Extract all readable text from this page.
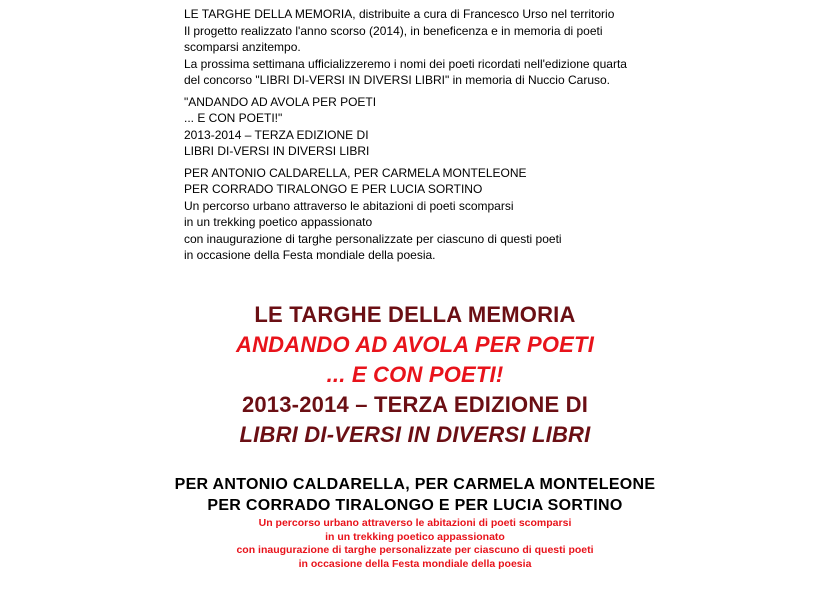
LE TARGHE DELLA MEMORIA, distribuite a cura di Francesco Urso nel territorio
Il progetto realizzato l'anno scorso (2014), in beneficenza e in memoria di poeti
scomparsi anzitempo.
La prossima settimana ufficializzeremo i nomi dei poeti ricordati nell'edizione quarta
del concorso "LIBRI DI-VERSI IN DIVERSI LIBRI" in memoria di Nuccio Caruso.

"ANDANDO AD AVOLA PER POETI
... E CON POETI!"
2013-2014 – TERZA EDIZIONE DI
LIBRI DI-VERSI IN DIVERSI LIBRI

PER ANTONIO CALDARELLA, PER CARMELA MONTELEONE
PER CORRADO TIRALONGO E PER LUCIA SORTINO
Un percorso urbano attraverso le abitazioni di poeti scomparsi
in un trekking poetico appassionato
con inaugurazione di targhe personalizzate per ciascuno di questi poeti
in occasione della Festa mondiale della poesia.

LE TARGHE DELLA MEMORIA
ANDANDO AD AVOLA PER POETI
... E CON POETI!
2013-2014 – TERZA EDIZIONE DI
LIBRI DI-VERSI IN DIVERSI LIBRI
PER ANTONIO CALDARELLA, PER CARMELA MONTELEONE
PER CORRADO TIRALONGO E PER LUCIA SORTINO
Un percorso urbano attraverso le abitazioni di poeti scomparsi
in un trekking poetico appassionato
con inaugurazione di targhe personalizzate per ciascuno di questi poeti
in occasione della Festa mondiale della poesia
